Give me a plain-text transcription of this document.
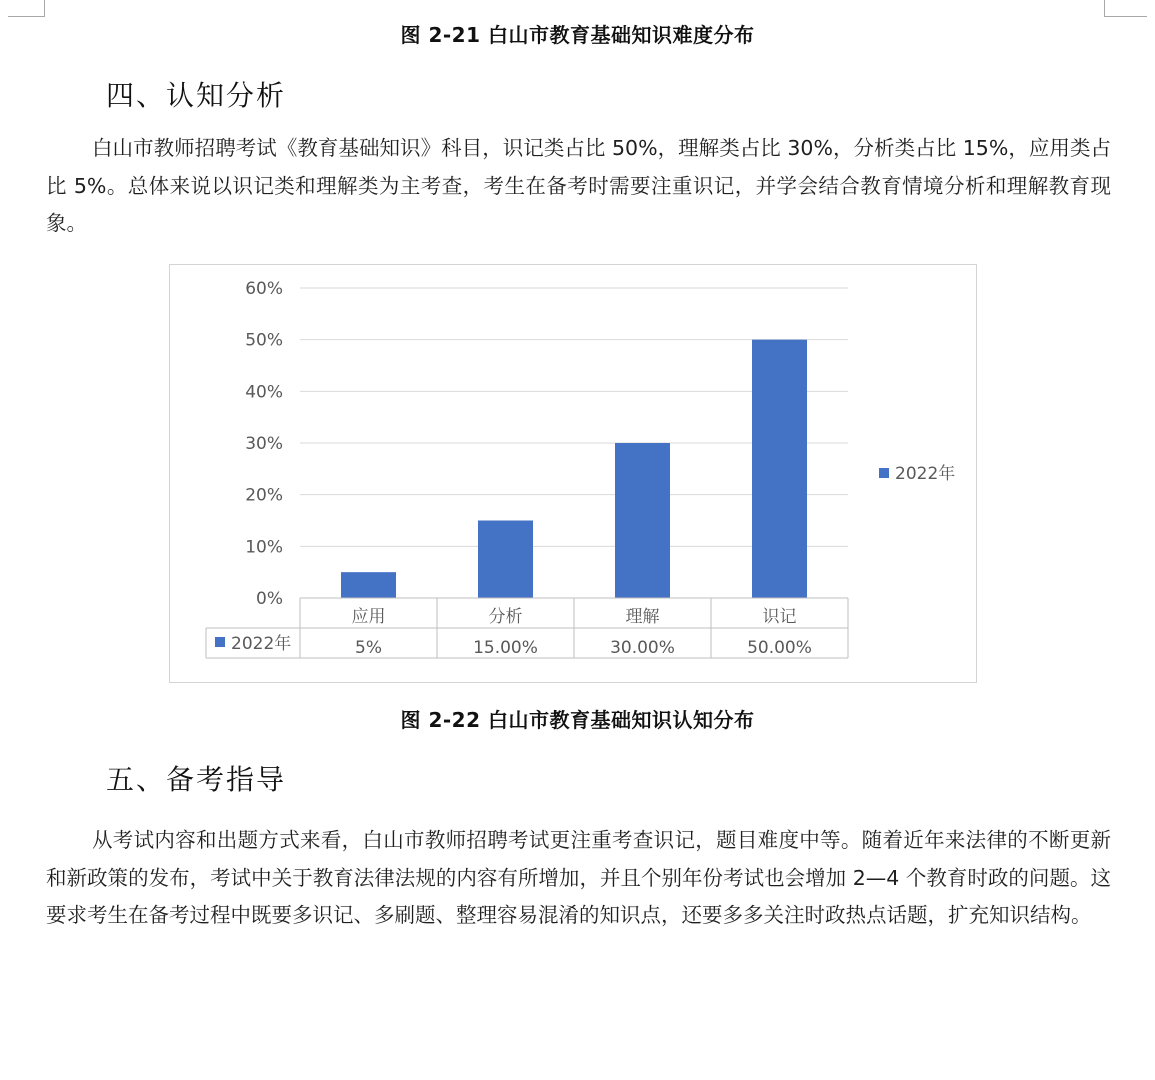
图 2-21 白山市教育基础知识难度分布
四、认知分析

白山市教师招聘考试《教育基础知识》科目，识记类占比 50%，理解类占比 30%，分析类占比 15%，应用类占比 5%。总体来说以识记类和理解类为主考查，考生在备考时需要注重识记，并学会结合教育情境分析和理解教育现象。

0%
10%
20%
30%
40%
50%
60%
应用
5%
分析
15.00%
理解
30.00%
识记
50.00%
2022年
2022年
图 2-22 白山市教育基础知识认知分布
五、备考指导

从考试内容和出题方式来看，白山市教师招聘考试更注重考查识记，题目难度中等。随着近年来法律的不断更新和新政策的发布，考试中关于教育法律法规的内容有所增加，并且个别年份考试也会增加 2—4 个教育时政的问题。这要求考生在备考过程中既要多识记、多刷题、整理容易混淆的知识点，还要多多关注时政热点话题，扩充知识结构。
